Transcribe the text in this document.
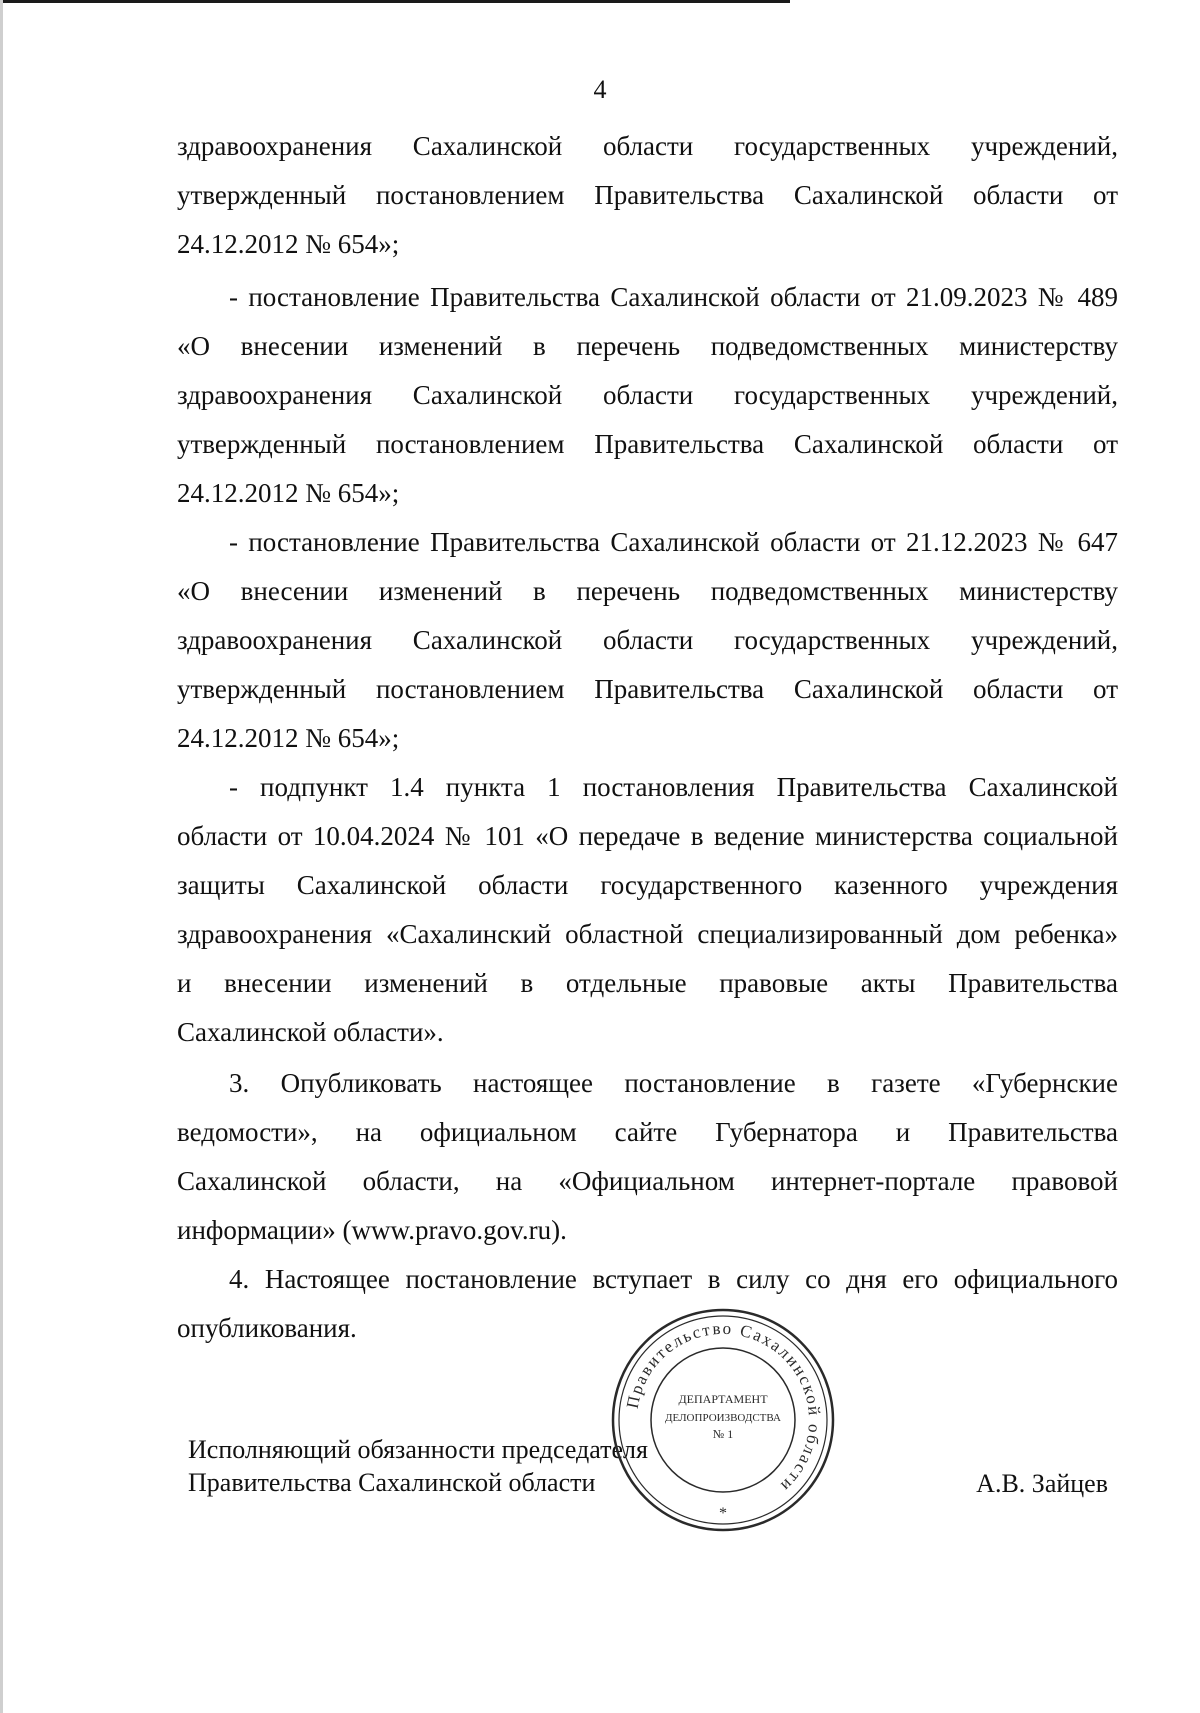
4
здравоохранения Сахалинской области государственных учреждений,
утвержденный постановлением Правительства Сахалинской области от
24.12.2012 № 654»;
- постановление Правительства Сахалинской области от 21.09.2023 № 489
«О внесении изменений в перечень подведомственных министерству
здравоохранения Сахалинской области государственных учреждений,
утвержденный постановлением Правительства Сахалинской области от
24.12.2012 № 654»;
- постановление Правительства Сахалинской области от 21.12.2023 № 647
«О внесении изменений в перечень подведомственных министерству
здравоохранения Сахалинской области государственных учреждений,
утвержденный постановлением Правительства Сахалинской области от
24.12.2012 № 654»;
- подпункт 1.4 пункта 1 постановления Правительства Сахалинской
области от 10.04.2024 № 101 «О передаче в ведение министерства социальной
защиты Сахалинской области государственного казенного учреждения
здравоохранения «Сахалинский областной специализированный дом ребенка»
и внесении изменений в отдельные правовые акты Правительства
Сахалинской области».
3. Опубликовать настоящее постановление в газете «Губернские
ведомости», на официальном сайте Губернатора и Правительства
Сахалинской области, на «Официальном интернет-портале правовой
информации» (www.pravo.gov.ru).
4. Настоящее постановление вступает в силу со дня его официального
опубликования.
Исполняющий обязанности председателя
Правительства Сахалинской области	А.В. Зайцев
Правительство Сахалинской области
ДЕПАРТАМЕНТ
ДЕЛОПРОИЗВОДСТВА
№ 1
*
